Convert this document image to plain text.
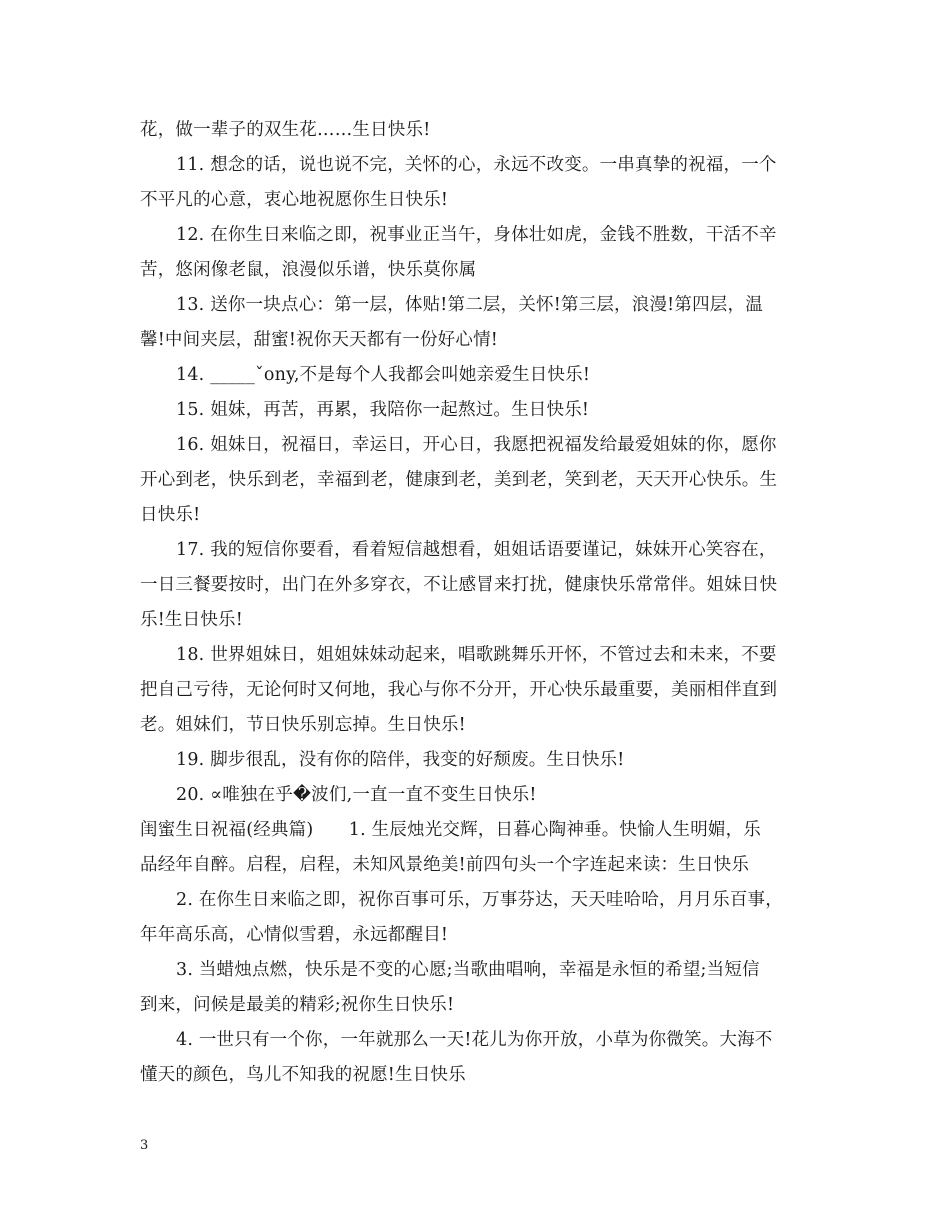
花，做一辈子的双生花……生日快乐!
11. 想念的话，说也说不完，关怀的心，永远不改变。一串真挚的祝福，一个
不平凡的心意，衷心地祝愿你生日快乐!
12. 在你生日来临之即，祝事业正当午，身体壮如虎，金钱不胜数，干活不辛
苦，悠闲像老鼠，浪漫似乐谱，快乐莫你属
13. 送你一块点心：第一层，体贴!第二层，关怀!第三层，浪漫!第四层，温
馨!中间夹层，甜蜜!祝你天天都有一份好心情!
14. _____ˇony,不是每个人我都会叫她亲爱生日快乐!
15. 姐妹，再苦，再累，我陪你一起熬过。生日快乐!
16. 姐妹日，祝福日，幸运日，开心日，我愿把祝福发给最爱姐妹的你，愿你
开心到老，快乐到老，幸福到老，健康到老，美到老，笑到老，天天开心快乐。生
日快乐!
17. 我的短信你要看，看着短信越想看，姐姐话语要谨记，妹妹开心笑容在，
一日三餐要按时，出门在外多穿衣，不让感冒来打扰，健康快乐常常伴。姐妹日快
乐!生日快乐!
18. 世界姐妹日，姐姐妹妹动起来，唱歌跳舞乐开怀，不管过去和未来，不要
把自己亏待，无论何时又何地，我心与你不分开，开心快乐最重要，美丽相伴直到
老。姐妹们，节日快乐别忘掉。生日快乐!
19. 脚步很乱，没有你的陪伴，我变的好颓废。生日快乐!
20. ∝唯独在乎�波们,一直一直不变生日快乐!
闺蜜生日祝福(经典篇)　　1. 生辰烛光交辉，日暮心陶神垂。快愉人生明媚，乐
品经年自醉。启程，启程，未知风景绝美!前四句头一个字连起来读：生日快乐
2. 在你生日来临之即，祝你百事可乐，万事芬达，天天哇哈哈，月月乐百事，
年年高乐高，心情似雪碧，永远都醒目!
3. 当蜡烛点燃，快乐是不变的心愿;当歌曲唱响，幸福是永恒的希望;当短信
到来，问候是最美的精彩;祝你生日快乐!
4. 一世只有一个你，一年就那么一天!花儿为你开放，小草为你微笑。大海不
懂天的颜色，鸟儿不知我的祝愿!生日快乐
3
